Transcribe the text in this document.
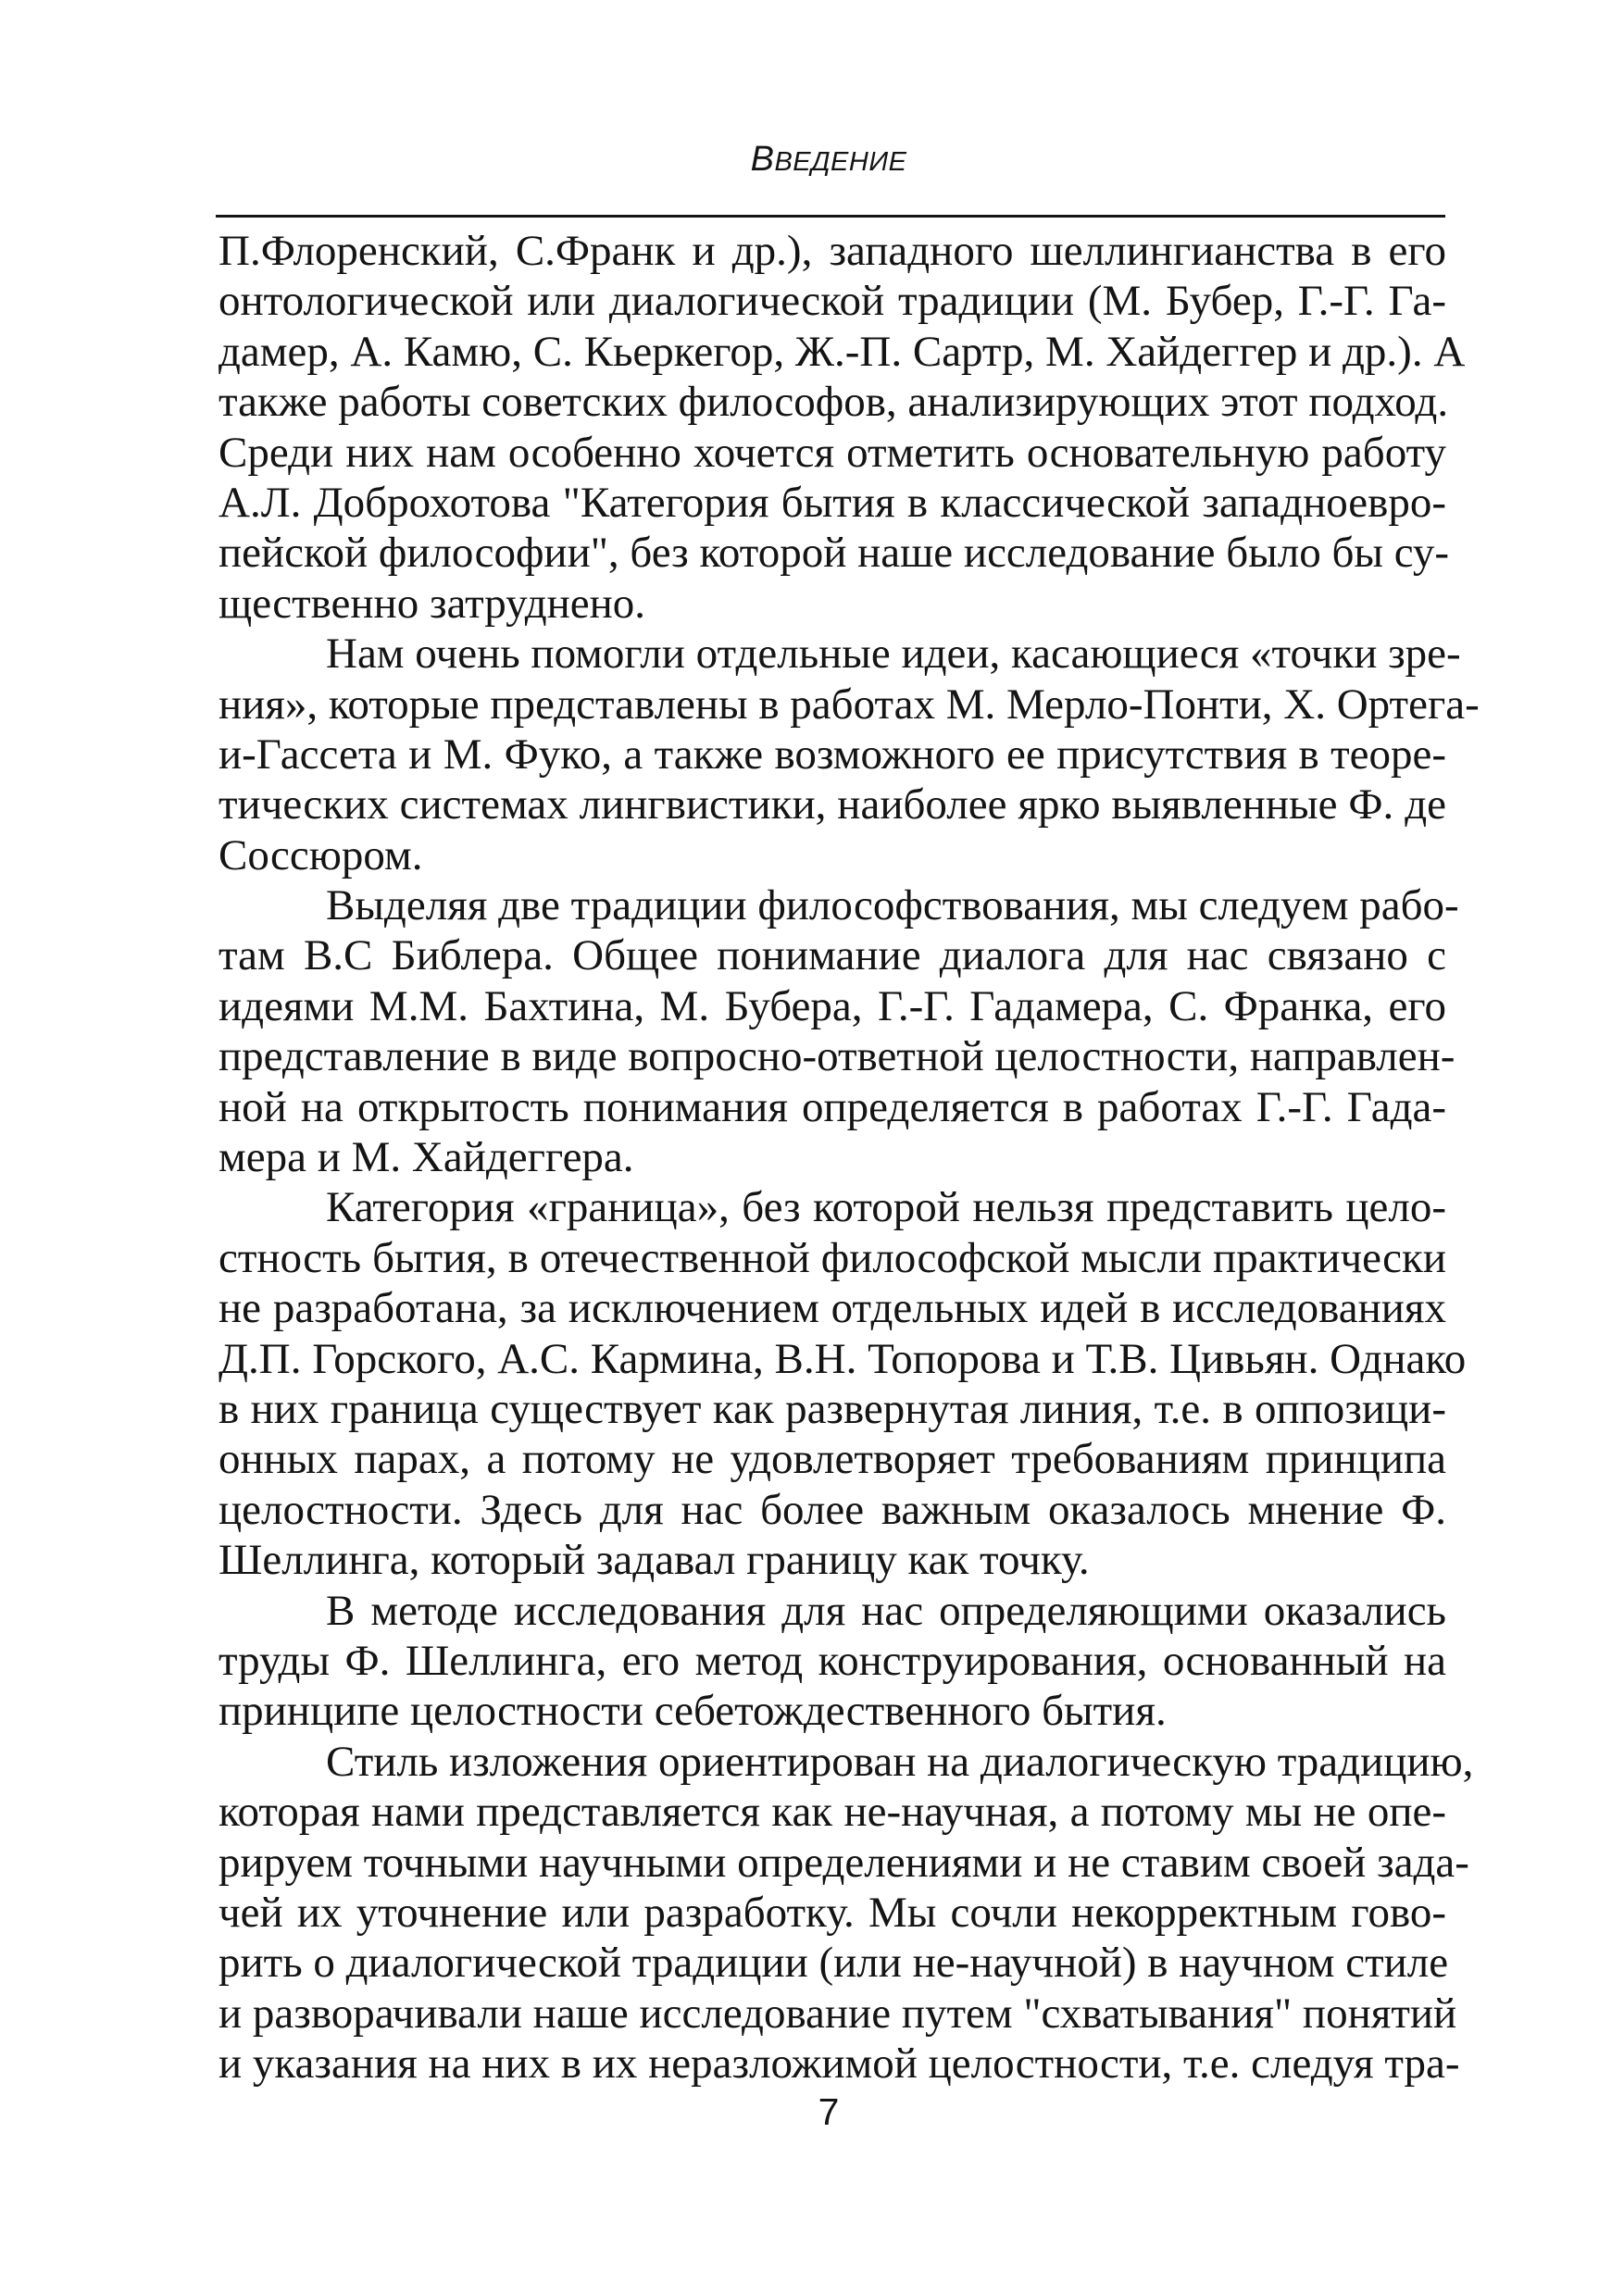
ВВЕДЕНИЕ
П.Флоренский, С.Франк и др.), западного шеллингианства в его
онтологической или диалогической традиции (М. Бубер, Г.-Г. Га-
дамер, А. Камю, С. Кьеркегор, Ж.-П. Сартр, М. Хайдеггер и др.). А
также работы советских философов, анализирующих этот подход.
Среди них нам особенно хочется отметить основательную работу
А.Л. Доброхотова "Категория бытия в классической западноевро-
пейской философии", без которой наше исследование было бы су-
щественно затруднено.
Нам очень помогли отдельные идеи, касающиеся «точки зре-
ния», которые представлены в работах М. Мерло-Понти, Х. Ортега-
и-Гассета и М. Фуко, а также возможного ее присутствия в теоре-
тических системах лингвистики, наиболее ярко выявленные Ф. де
Соссюром.
Выделяя две традиции философствования, мы следуем рабо-
там В.С Библера. Общее понимание диалога для нас связано с
идеями М.М. Бахтина, М. Бубера, Г.-Г. Гадамера, С. Франка, его
представление в виде вопросно-ответной целостности, направлен-
ной на открытость понимания определяется в работах Г.-Г. Гада-
мера и М. Хайдеггера.
Категория «граница», без которой нельзя представить цело-
стность бытия, в отечественной философской мысли практически
не разработана, за исключением отдельных идей в исследованиях
Д.П. Горского, А.С. Кармина, В.Н. Топорова и Т.В. Цивьян. Однако
в них граница существует как развернутая линия, т.е. в оппозици-
онных парах, а потому не удовлетворяет требованиям принципа
целостности. Здесь для нас более важным оказалось мнение Ф.
Шеллинга, который задавал границу как точку.
В методе исследования для нас определяющими оказались
труды Ф. Шеллинга, его метод конструирования, основанный на
принципе целостности себетождественного бытия.
Стиль изложения ориентирован на диалогическую традицию,
которая нами представляется как не-научная, а потому мы не опе-
рируем точными научными определениями и не ставим своей зада-
чей их уточнение или разработку. Мы сочли некорректным гово-
рить о диалогической традиции (или не-научной) в научном стиле
и разворачивали наше исследование путем "схватывания" понятий
и указания на них в их неразложимой целостности, т.е. следуя тра-
7
